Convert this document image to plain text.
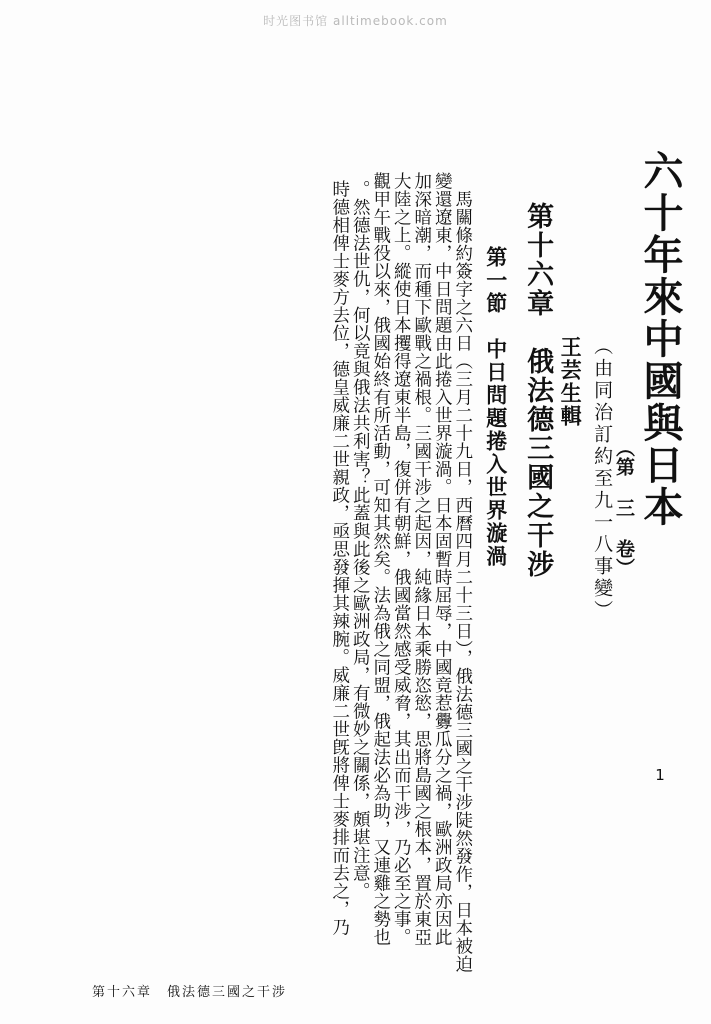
时光图书馆 alltimebook.com
六十年來中國與日本
（第 三 卷）
（由同治訂約至九一八事變）
王芸生輯
第十六章　俄法德三國之干涉
第一節　中日問題捲入世界漩渦
馬關條約簽字之六日（三月二十九日，西曆四月二十三日），俄法德三國之干涉陡然發作，日本被迫
變還遼東，中日問題由此捲入世界漩渦。日本固暫時屈辱，中國竟惹釁瓜分之禍，歐洲政局亦因此
加深暗潮，而種下歐戰之禍根。三國干涉之起因，純緣日本乘勝恣慾，思將島國之根本，置於東亞
大陸之上。縱使日本攫得遼東半島，復併有朝鮮，俄國當然感受威脅，其出而干涉，乃必至之事。
觀甲午戰役以來，俄國始終有所活動，可知其然矣。法為俄之同盟，俄起法必為助，又連雞之勢也
。然德法世仇，何以竟與俄法共利害？此蓋與此後之歐洲政局，有微妙之關係，頗堪注意。
時德相俾士麥方去位，德皇威廉二世親政，亟思發揮其辣腕。威廉二世旣將俾士麥排而去之，乃	1
第十六章　俄法德三國之干涉
